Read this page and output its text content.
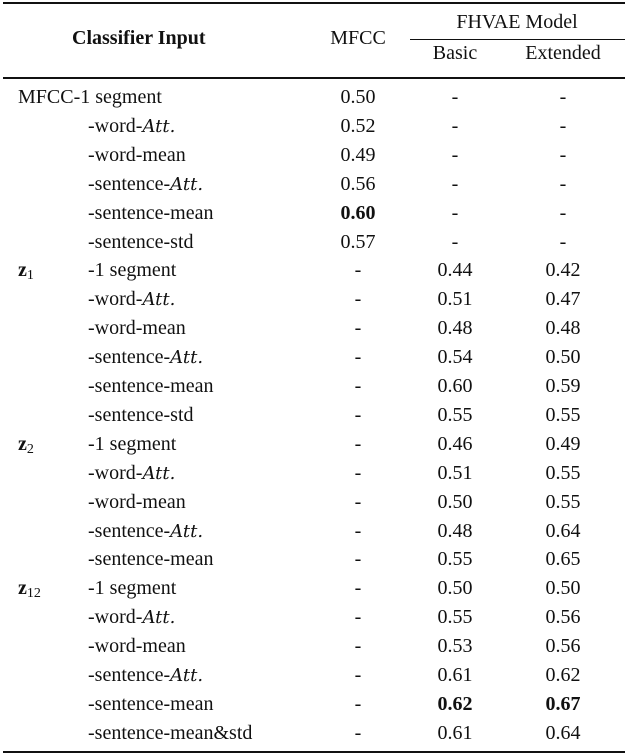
Classifier Input	MFCC
FHVAE Model
Basic Extended
MFCC-1 segment	0.50	-	-
-word-Att.	0.52	-	-
-word-mean	0.49	-	-
-sentence-Att.	0.56	-	-
-sentence-mean	0.60	-	-
-sentence-std	0.57	-	-
$z_1$	-1 segment	-	0.44	0.42
-word-Att.	-	0.51	0.47
-word-mean	-	0.48	0.48
-sentence-Att.	-	0.54	0.50
-sentence-mean	-	0.60	0.59
-sentence-std	-	0.55	0.55
$z_2$	-1 segment	-	0.46	0.49
-word-Att.	-	0.51	0.55
-word-mean	-	0.50	0.55
-sentence-Att.	-	0.48	0.64
-sentence-mean	-	0.55	0.65
$z_{12}$ -1 segment	-	0.50	0.50
-word-Att.	-	0.55	0.56
-word-mean	-	0.53	0.56
-sentence-Att.	-	0.61	0.62
-sentence-mean	-	0.62	0.67
-sentence-mean&std	-	0.61	0.64
